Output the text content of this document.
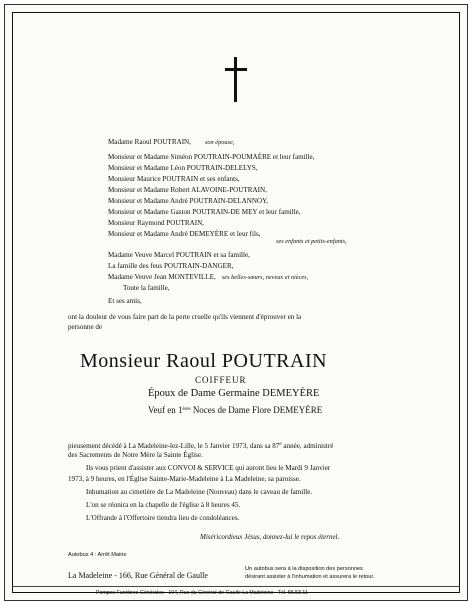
Madame Raoul POUTRAIN, son épouse,
Monsieur et Madame Siméon POUTRAIN-POUMAÈRE et leur famille,
Monsieur et Madame Léon POUTRAIN-DELELYS,
Monsieur Maurice POUTRAIN et ses enfants,
Monsieur et Madame Robert ALAVOINE-POUTRAIN,
Monsieur et Madame André POUTRAIN-DELANNOY,
Monsieur et Madame Gaston POUTRAIN-DE MEY et leur famille,
Monsieur Raymond POUTRAIN,
Monsieur et Madame André DEMEYÈRE et leur fils,
ses enfants et petits-enfants,
Madame Veuve Marcel POUTRAIN et sa famille,
La famille des feus POUTRAIN-DANGER,
Madame Veuve Jean MONTEVILLE, ses belles-sœurs, neveux et nièces,
Toute la famille,
Et ses amis,
ont la douleur de vous faire part de la perte cruelle qu'ils viennent d'éprouver en la
personne de
Monsieur Raoul POUTRAIN
COIFFEUR
Époux de Dame Germaine DEMEYÈRE
Veuf en 1ères Noces de Dame Flore DEMEYÈRE
pieusement décédé à La Madeleine-lez-Lille, le 5 Janvier 1973, dans sa 87e année, administré
des Sacrements de Notre Mère la Sainte Église.
Ils vous prient d'assister aux CONVOI & SERVICE qui auront lieu le Mardi 9 Janvier
1973, à 9 heures, en l'Église Sainte-Marie-Madeleine à La Madeleine, sa paroisse.
Inhumation au cimetière de La Madeleine (Nouveau) dans le caveau de famille.
L'on se réunira en la chapelle de l'église à 8 heures 45.
L'Offrande à l'Offertoire tiendra lieu de condoléances.
Miséricordieux Jésus, donnez-lui le repos éternel.
Autobus 4 : Arrêt Mairie
La Madeleine - 166, Rue Général de Gaulle
Un autobus sera à la disposition des personnes
désirant assister à l'inhumation et assurera le retour.
Pompes Funèbres Générales - 104, Rue du Général-de-Gaulle La Madeleine - Tél. 55.53.11
